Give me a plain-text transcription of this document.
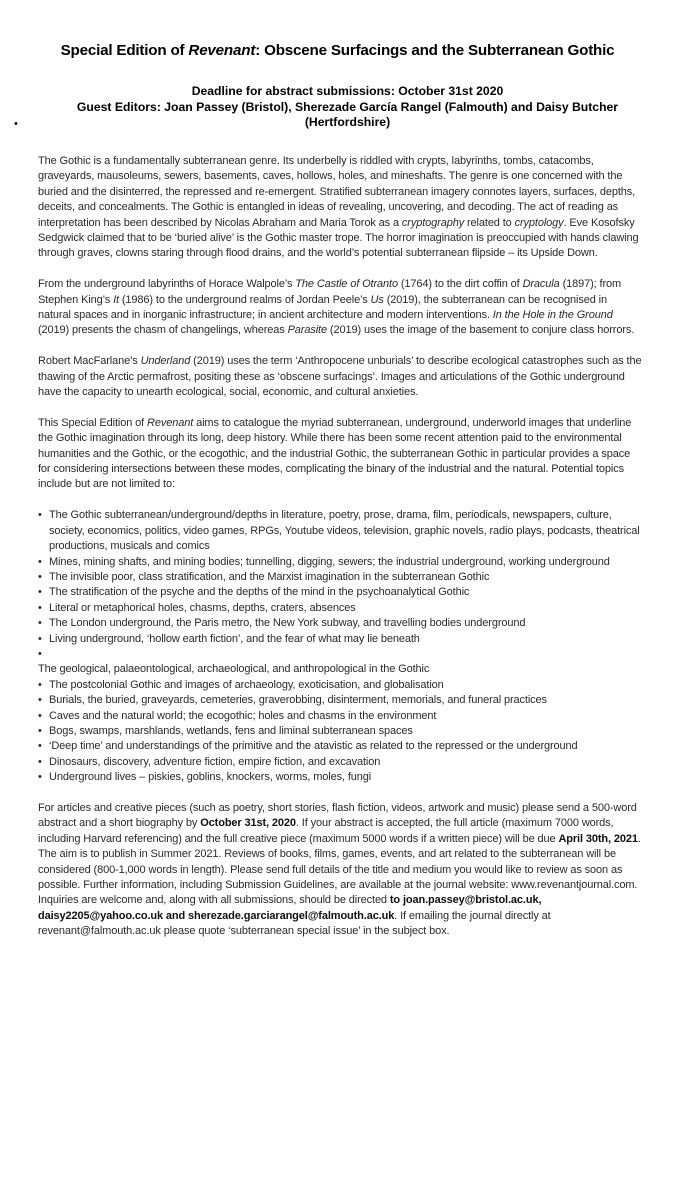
Special Edition of Revenant: Obscene Surfacings and the Subterranean Gothic
Deadline for abstract submissions: October 31st 2020
Guest Editors: Joan Passey (Bristol), Sherezade García Rangel (Falmouth) and Daisy Butcher (Hertfordshire)
•

The Gothic is a fundamentally subterranean genre. Its underbelly is riddled with crypts, labyrinths, tombs, catacombs, graveyards, mausoleums, sewers, basements, caves, hollows, holes, and mineshafts. The genre is one concerned with the buried and the disinterred, the repressed and re-emergent. Stratified subterranean imagery connotes layers, surfaces, depths, deceits, and concealments. The Gothic is entangled in ideas of revealing, uncovering, and decoding. The act of reading as interpretation has been described by Nicolas Abraham and Maria Torok as a cryptography related to cryptology. Eve Kosofsky Sedgwick claimed that to be ‘buried alive’ is the Gothic master trope. The horror imagination is preoccupied with hands clawing through graves, clowns staring through flood drains, and the world’s potential subterranean flipside – its Upside Down.

From the underground labyrinths of Horace Walpole’s The Castle of Otranto (1764) to the dirt coffin of Dracula (1897); from Stephen King’s It (1986) to the underground realms of Jordan Peele’s Us (2019), the subterranean can be recognised in natural spaces and in inorganic infrastructure; in ancient architecture and modern interventions. In the Hole in the Ground (2019) presents the chasm of changelings, whereas Parasite (2019) uses the image of the basement to conjure class horrors.

Robert MacFarlane’s Underland (2019) uses the term ‘Anthropocene unburials’ to describe ecological catastrophes such as the thawing of the Arctic permafrost, positing these as ‘obscene surfacings’. Images and articulations of the Gothic underground have the capacity to unearth ecological, social, economic, and cultural anxieties.

This Special Edition of Revenant aims to catalogue the myriad subterranean, underground, underworld images that underline the Gothic imagination through its long, deep history. While there has been some recent attention paid to the environmental humanities and the Gothic, or the ecogothic, and the industrial Gothic, the subterranean Gothic in particular provides a space for considering intersections between these modes, complicating the binary of the industrial and the natural. Potential topics include but are not limited to:

• The Gothic subterranean/underground/depths in literature, poetry, prose, drama, film, periodicals, newspapers, culture, society, economics, politics, video games, RPGs, Youtube videos, television, graphic novels, radio plays, podcasts, theatrical productions, musicals and comics
• Mines, mining shafts, and mining bodies; tunnelling, digging, sewers; the industrial underground, working underground
• The invisible poor, class stratification, and the Marxist imagination in the subterranean Gothic
• The stratification of the psyche and the depths of the mind in the psychoanalytical Gothic
• Literal or metaphorical holes, chasms, depths, craters, absences
• The London underground, the Paris metro, the New York subway, and travelling bodies underground
• Living underground, ‘hollow earth fiction’, and the fear of what may lie beneath
•
The geological, palaeontological, archaeological, and anthropological in the Gothic
• The postcolonial Gothic and images of archaeology, exoticisation, and globalisation
• Burials, the buried, graveyards, cemeteries, graverobbing, disinterment, memorials, and funeral practices
• Caves and the natural world; the ecogothic; holes and chasms in the environment
• Bogs, swamps, marshlands, wetlands, fens and liminal subterranean spaces
• ‘Deep time’ and understandings of the primitive and the atavistic as related to the repressed or the underground
• Dinosaurs, discovery, adventure fiction, empire fiction, and excavation
• Underground lives – piskies, goblins, knockers, worms, moles, fungi

For articles and creative pieces (such as poetry, short stories, flash fiction, videos, artwork and music) please send a 500-word abstract and a short biography by October 31st, 2020. If your abstract is accepted, the full article (maximum 7000 words, including Harvard referencing) and the full creative piece (maximum 5000 words if a written piece) will be due April 30th, 2021. The aim is to publish in Summer 2021. Reviews of books, films, games, events, and art related to the subterranean will be considered (800-1,000 words in length). Please send full details of the title and medium you would like to review as soon as possible. Further information, including Submission Guidelines, are available at the journal website: www.revenantjournal.com. Inquiries are welcome and, along with all submissions, should be directed to joan.passey@bristol.ac.uk, daisy2205@yahoo.co.uk and sherezade.garciarangel@falmouth.ac.uk. If emailing the journal directly at revenant@falmouth.ac.uk please quote ‘subterranean special issue’ in the subject box.
